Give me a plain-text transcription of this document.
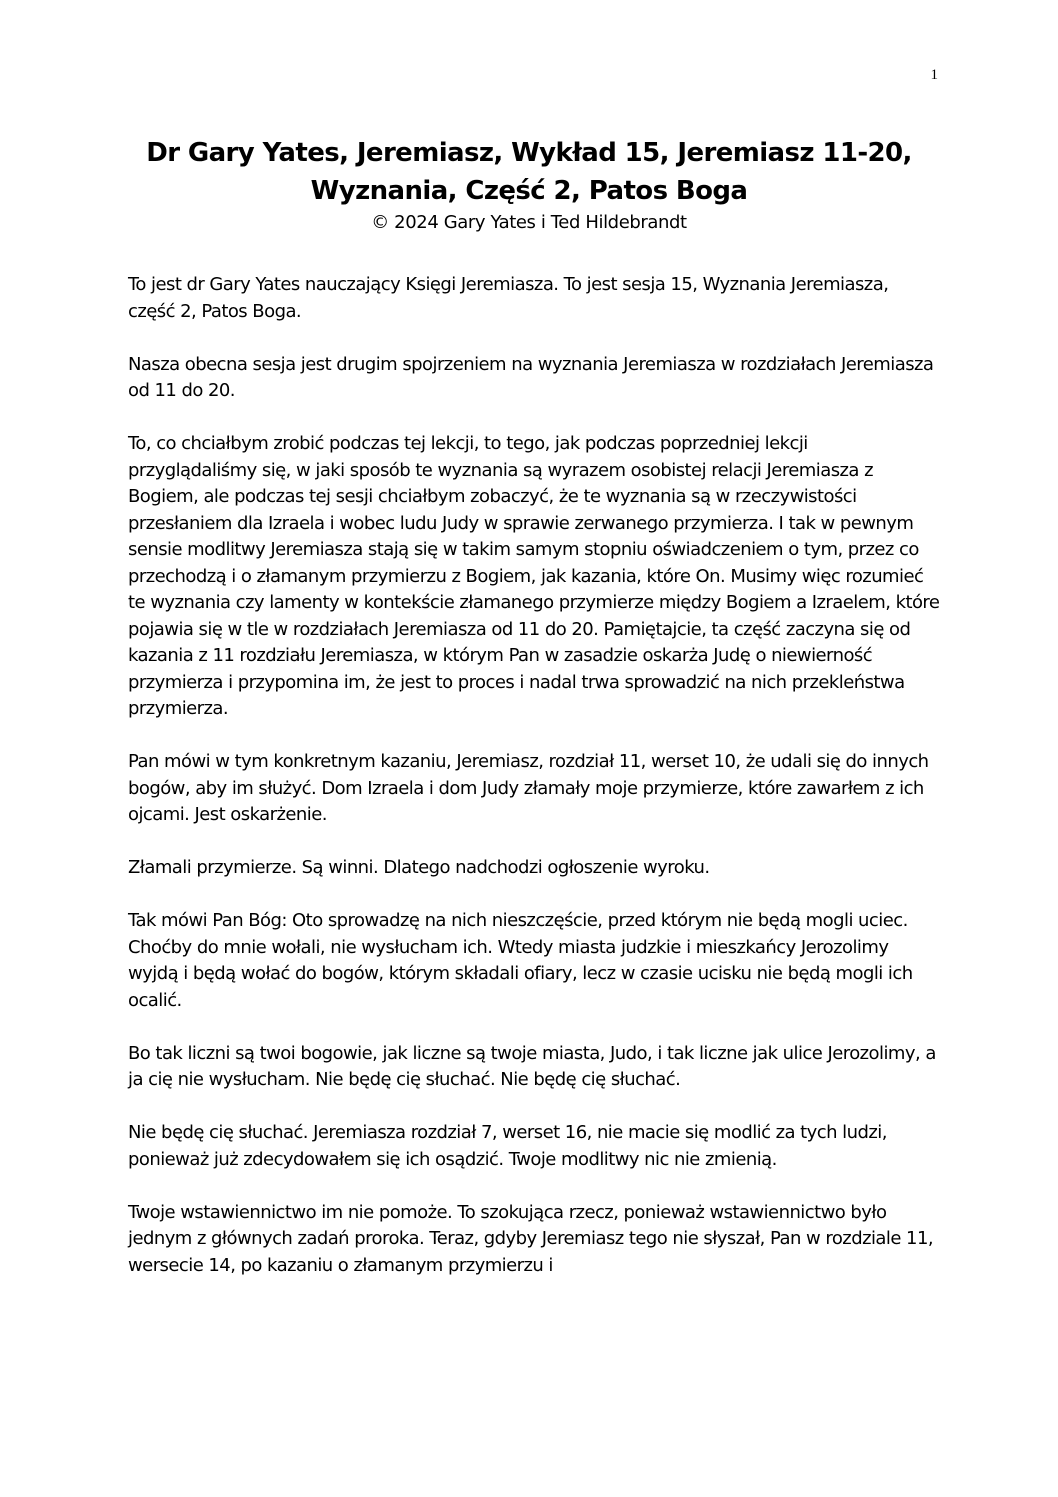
1
Dr Gary Yates, Jeremiasz, Wykład 15, Jeremiasz 11-20,
Wyznania, Część 2, Patos Boga

© 2024 Gary Yates i Ted Hildebrandt

To jest dr Gary Yates nauczający Księgi Jeremiasza. To jest sesja 15, Wyznania Jeremiasza, część 2, Patos Boga.

Nasza obecna sesja jest drugim spojrzeniem na wyznania Jeremiasza w rozdziałach Jeremiasza od 11 do 20.

To, co chciałbym zrobić podczas tej lekcji, to tego, jak podczas poprzedniej lekcji przyglądaliśmy się, w jaki sposób te wyznania są wyrazem osobistej relacji Jeremiasza z Bogiem, ale podczas tej sesji chciałbym zobaczyć, że te wyznania są w rzeczywistości przesłaniem dla Izraela i wobec ludu Judy w sprawie zerwanego przymierza. I tak w pewnym sensie modlitwy Jeremiasza stają się w takim samym stopniu oświadczeniem o tym, przez co przechodzą i o złamanym przymierzu z Bogiem, jak kazania, które On. Musimy więc rozumieć te wyznania czy lamenty w kontekście złamanego przymierze między Bogiem a Izraelem, które pojawia się w tle w rozdziałach Jeremiasza od 11 do 20. Pamiętajcie, ta część zaczyna się od kazania z 11 rozdziału Jeremiasza, w którym Pan w zasadzie oskarża Judę o niewierność przymierza i przypomina im, że jest to proces i nadal trwa sprowadzić na nich przekleństwa przymierza.

Pan mówi w tym konkretnym kazaniu, Jeremiasz, rozdział 11, werset 10, że udali się do innych bogów, aby im służyć. Dom Izraela i dom Judy złamały moje przymierze, które zawarłem z ich ojcami. Jest oskarżenie.

Złamali przymierze. Są winni. Dlatego nadchodzi ogłoszenie wyroku.

Tak mówi Pan Bóg: Oto sprowadzę na nich nieszczęście, przed którym nie będą mogli uciec. Choćby do mnie wołali, nie wysłucham ich. Wtedy miasta judzkie i mieszkańcy Jerozolimy wyjdą i będą wołać do bogów, którym składali ofiary, lecz w czasie ucisku nie będą mogli ich ocalić.

Bo tak liczni są twoi bogowie, jak liczne są twoje miasta, Judo, i tak liczne jak ulice Jerozolimy, a ja cię nie wysłucham. Nie będę cię słuchać. Nie będę cię słuchać.

Nie będę cię słuchać. Jeremiasza rozdział 7, werset 16, nie macie się modlić za tych ludzi, ponieważ już zdecydowałem się ich osądzić. Twoje modlitwy nic nie zmienią.

Twoje wstawiennictwo im nie pomoże. To szokująca rzecz, ponieważ wstawiennictwo było jednym z głównych zadań proroka. Teraz, gdyby Jeremiasz tego nie słyszał, Pan w rozdziale 11, wersecie 14, po kazaniu o złamanym przymierzu i
